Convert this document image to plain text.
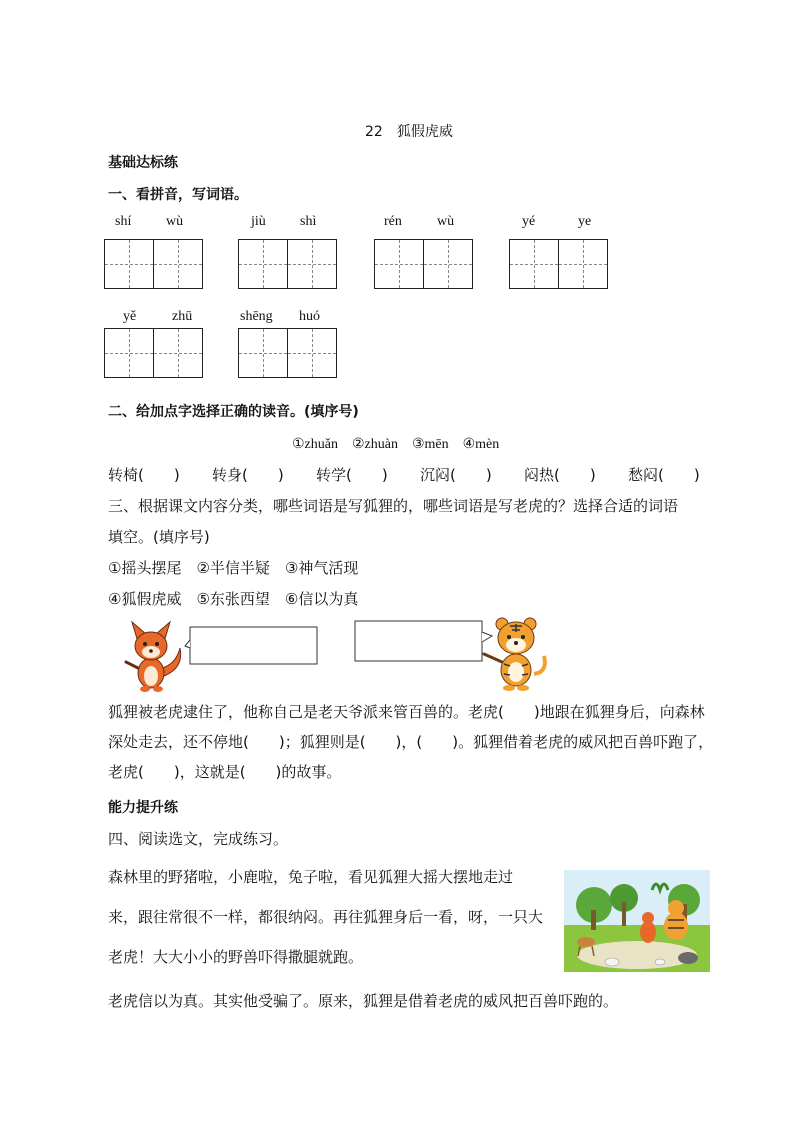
22　狐假虎威
基础达标练
一、看拼音，写词语。
shí wù	jiù shì	rén	wù	yé	ye
yě	zhū	shēng huó
二、给加点字选择正确的读音。(填序号)
①zhuǎn　②zhuàn　③mēn　④mèn
转椅(　　) 转身(　　) 转学(　　) 沉闷(　　) 闷热(　　) 愁闷(　　)
三、根据课文内容分类，哪些词语是写狐狸的，哪些词语是写老虎的？选择合适的词语
填空。(填序号)
①摇头摆尾　②半信半疑　③神气活现
④狐假虎威　⑤东张西望　⑥信以为真
狐狸被老虎逮住了，他称自己是老天爷派来管百兽的。老虎(　　)地跟在狐狸身后，向森林深处走去，还不停地(　　)；狐狸则是(　　)，(　　)。狐狸借着老虎的威风把百兽吓跑了，老虎(　　)，这就是(　　)的故事。
能力提升练
四、阅读选文，完成练习。
森林里的野猪啦，小鹿啦，兔子啦，看见狐狸大摇大摆地走过
来，跟往常很不一样，都很纳闷。再往狐狸身后一看，呀，一只大
老虎！大大小小的野兽吓得撒腿就跑。
老虎信以为真。其实他受骗了。原来，狐狸是借着老虎的威风把百兽吓跑的。
